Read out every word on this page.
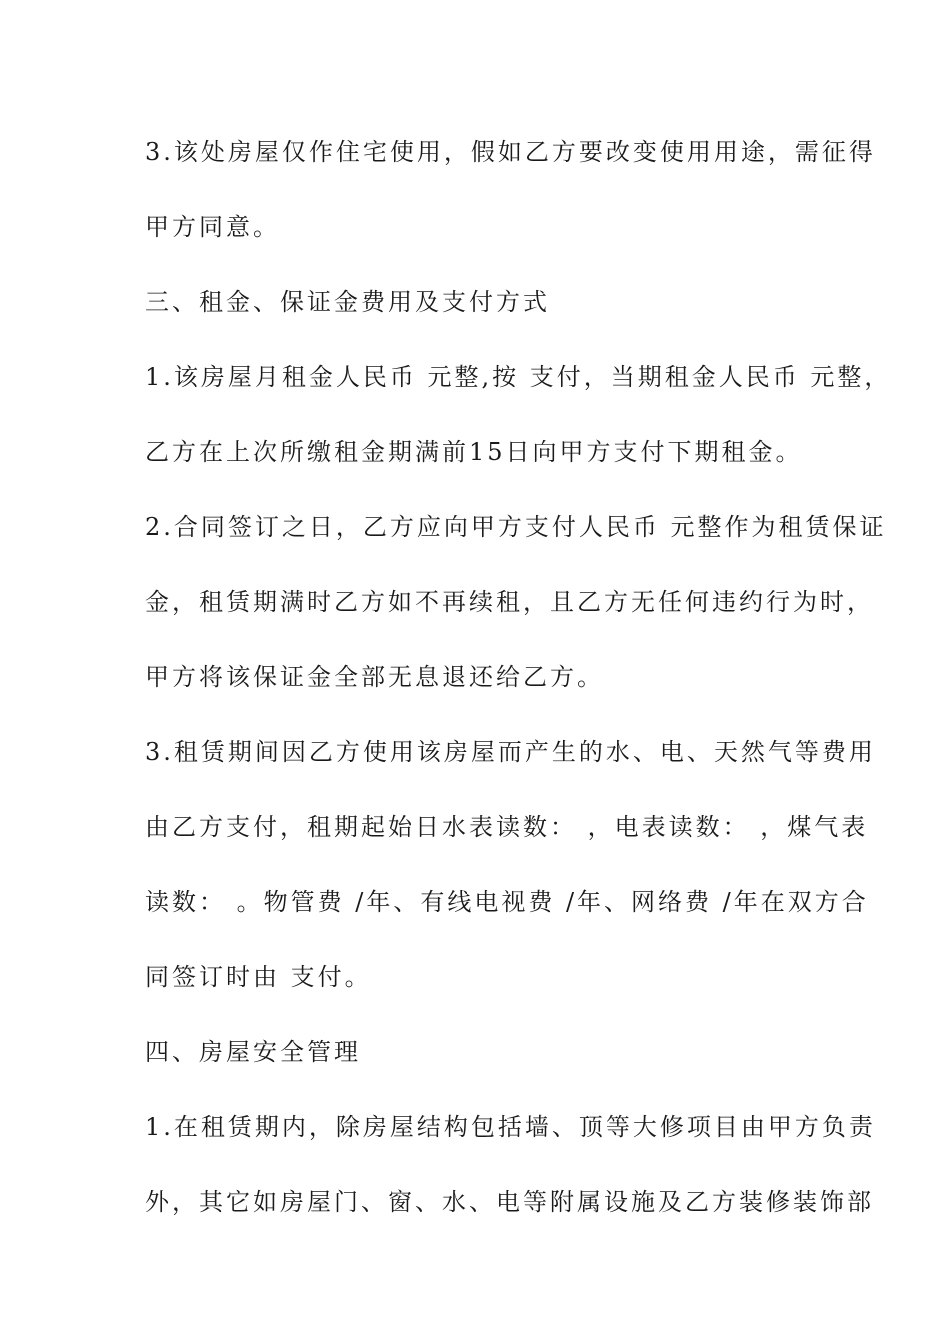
3.该处房屋仅作住宅使用，假如乙方要改变使用用途，需征得
甲方同意。
三、租金、保证金费用及支付方式
1.该房屋月租金人民币 元整,按 支付，当期租金人民币 元整，
乙方在上次所缴租金期满前15日向甲方支付下期租金。
2.合同签订之日，乙方应向甲方支付人民币 元整作为租赁保证
金，租赁期满时乙方如不再续租，且乙方无任何违约行为时，
甲方将该保证金全部无息退还给乙方。
3.租赁期间因乙方使用该房屋而产生的水、电、天然气等费用
由乙方支付，租期起始日水表读数： ，电表读数： ，煤气表
读数： 。物管费 /年、有线电视费 /年、网络费 /年在双方合
同签订时由 支付。
四、房屋安全管理
1.在租赁期内，除房屋结构包括墙、顶等大修项目由甲方负责
外，其它如房屋门、窗、水、电等附属设施及乙方装修装饰部
